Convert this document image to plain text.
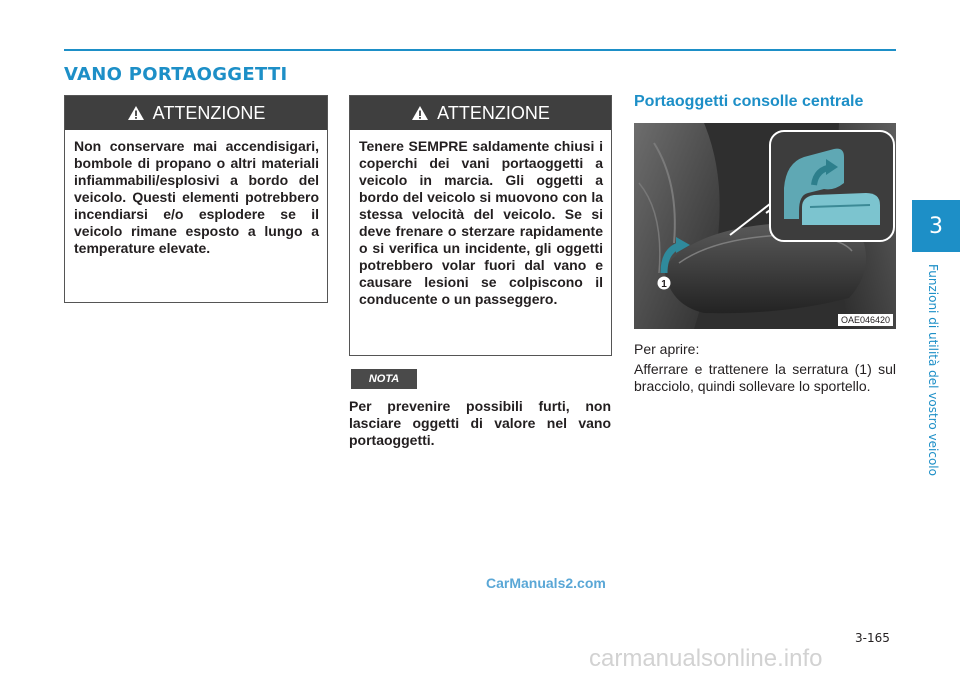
VANO PORTAOGGETTI
ATTENZIONE

Non conservare mai accendisigari, bombole di propano o altri materiali infiammabili/esplosivi a bordo del veicolo. Questi elementi potrebbero incendiarsi e/o esplodere se il veicolo rimane esposto a lungo a temperature elevate.

ATTENZIONE

Tenere SEMPRE saldamente chiusi i coperchi dei vani portaoggetti a veicolo in marcia. Gli oggetti a bordo del veicolo si muovono con la stessa velocità del veicolo. Se si deve frenare o sterzare rapidamente o si verifica un incidente, gli oggetti potrebbero volar fuori dal vano e causare lesioni se colpiscono il conducente o un passeggero.

NOTA

Per prevenire possibili furti, non lasciare oggetti di valore nel vano portaoggetti.

Portaoggetti consolle centrale
1
OAE046420

Per aprire:

Afferrare e trattenere la serratura (1) sul bracciolo, quindi sollevare lo sportello.

CarManuals2.com

3-165

carmanualsonline.info

3

Funzioni di utilità del vostro veicolo
